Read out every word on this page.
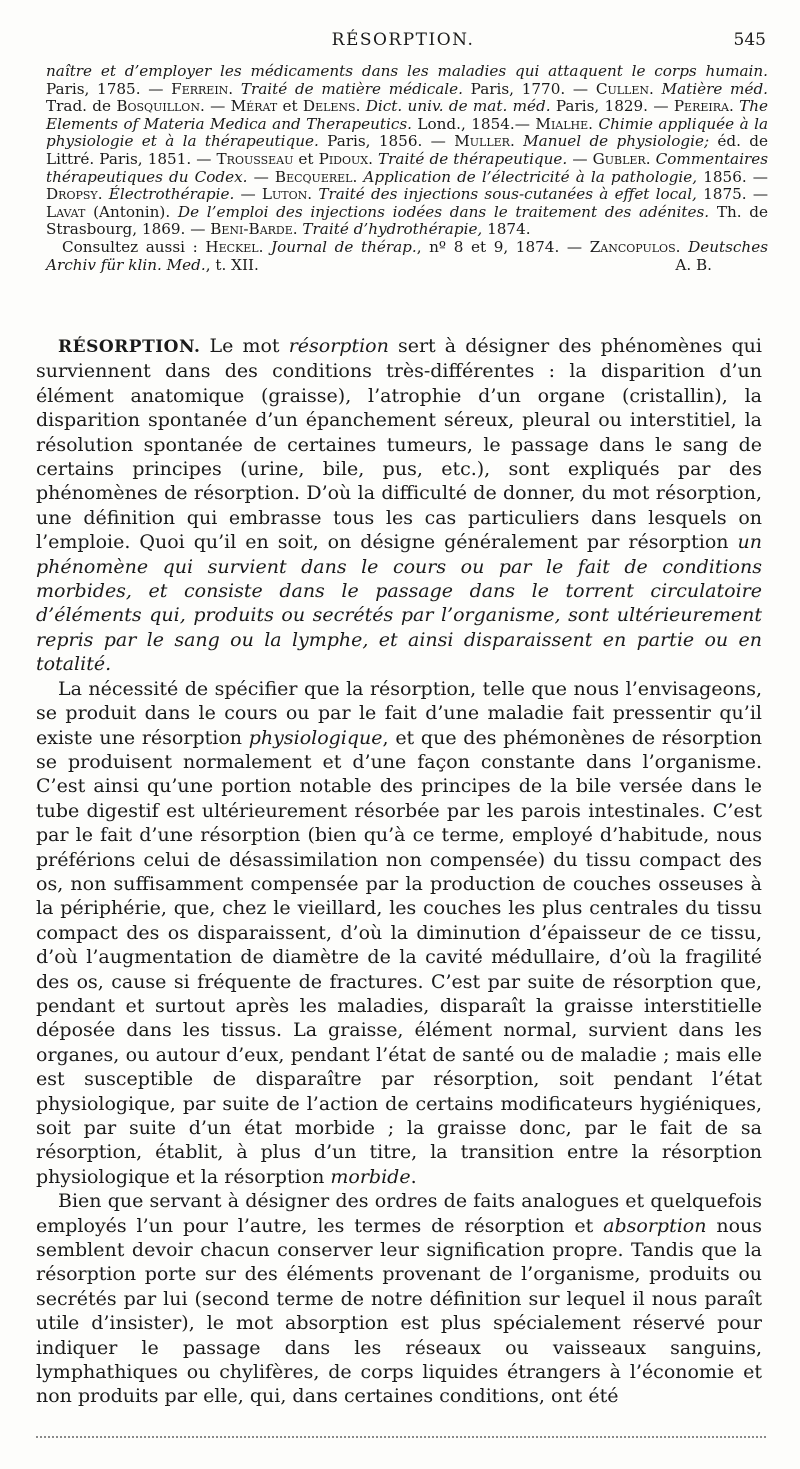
RÉSORPTION.	545

naître et d’employer les médicaments dans les maladies qui attaquent le corps humain. Paris, 1785. — Ferrein. Traité de matière médicale. Paris, 1770. — Cullen. Matière méd. Trad. de Bosquillon. — Mérat et Delens. Dict. univ. de mat. méd. Paris, 1829. — Pereira. The Elements of Materia Medica and Therapeutics. Lond., 1854.— Mialhe. Chimie appliquée à la physiologie et à la thérapeutique. Paris, 1856. — Muller. Manuel de physiologie; éd. de Littré. Paris, 1851. — Trousseau et Pidoux. Traité de thérapeutique. — Gubler. Commentaires thérapeutiques du Codex. — Becquerel. Application de l’électricité à la pathologie, 1856. — Dropsy. Électrothérapie. — Luton. Traité des injections sous-cutanées à effet local, 1875. — Lavat (Antonin). De l’emploi des injections iodées dans le traitement des adénites. Th. de Strasbourg, 1869. — Beni-Barde. Traité d’hydrothérapie, 1874.

Consultez aussi : Heckel. Journal de thérap., nº 8 et 9, 1874. — Zancopulos. Deutsches Archiv für klin. Med., t. XII.	A. B.

RÉSORPTION. Le mot résorption sert à désigner des phénomènes qui surviennent dans des conditions très-différentes : la disparition d’un élément anatomique (graisse), l’atrophie d’un organe (cristallin), la disparition spontanée d’un épanchement séreux, pleural ou interstitiel, la résolution spontanée de certaines tumeurs, le passage dans le sang de certains principes (urine, bile, pus, etc.), sont expliqués par des phénomènes de résorption. D’où la difficulté de donner, du mot résorption, une définition qui embrasse tous les cas particuliers dans lesquels on l’emploie. Quoi qu’il en soit, on désigne généralement par résorption un phénomène qui survient dans le cours ou par le fait de conditions morbides, et consiste dans le passage dans le torrent circulatoire d’éléments qui, produits ou secrétés par l’organisme, sont ultérieurement repris par le sang ou la lymphe, et ainsi disparaissent en partie ou en totalité.

La nécessité de spécifier que la résorption, telle que nous l’envisageons, se produit dans le cours ou par le fait d’une maladie fait pressentir qu’il existe une résorption physiologique, et que des phémonènes de résorption se produisent normalement et d’une façon constante dans l’organisme. C’est ainsi qu’une portion notable des principes de la bile versée dans le tube digestif est ultérieurement résorbée par les parois intestinales. C’est par le fait d’une résorption (bien qu’à ce terme, employé d’habitude, nous préférions celui de désassimilation non compensée) du tissu compact des os, non suffisamment compensée par la production de couches osseuses à la périphérie, que, chez le vieillard, les couches les plus centrales du tissu compact des os disparaissent, d’où la diminution d’épaisseur de ce tissu, d’où l’augmentation de diamètre de la cavité médullaire, d’où la fragilité des os, cause si fréquente de fractures. C’est par suite de résorption que, pendant et surtout après les maladies, disparaît la graisse interstitielle déposée dans les tissus. La graisse, élément normal, survient dans les organes, ou autour d’eux, pendant l’état de santé ou de maladie ; mais elle est susceptible de disparaître par résorption, soit pendant l’état physiologique, par suite de l’action de certains modificateurs hygiéniques, soit par suite d’un état morbide ; la graisse donc, par le fait de sa résorption, établit, à plus d’un titre, la transition entre la résorption physiologique et la résorption morbide.

Bien que servant à désigner des ordres de faits analogues et quelquefois employés l’un pour l’autre, les termes de résorption et absorption nous semblent devoir chacun conserver leur signification propre. Tandis que la résorption porte sur des éléments provenant de l’organisme, produits ou secrétés par lui (second terme de notre définition sur lequel il nous paraît utile d’insister), le mot absorption est plus spécialement réservé pour indiquer le passage dans les réseaux ou vaisseaux sanguins, lymphathiques ou chylifères, de corps liquides étrangers à l’économie et non produits par elle, qui, dans certaines conditions, ont été
